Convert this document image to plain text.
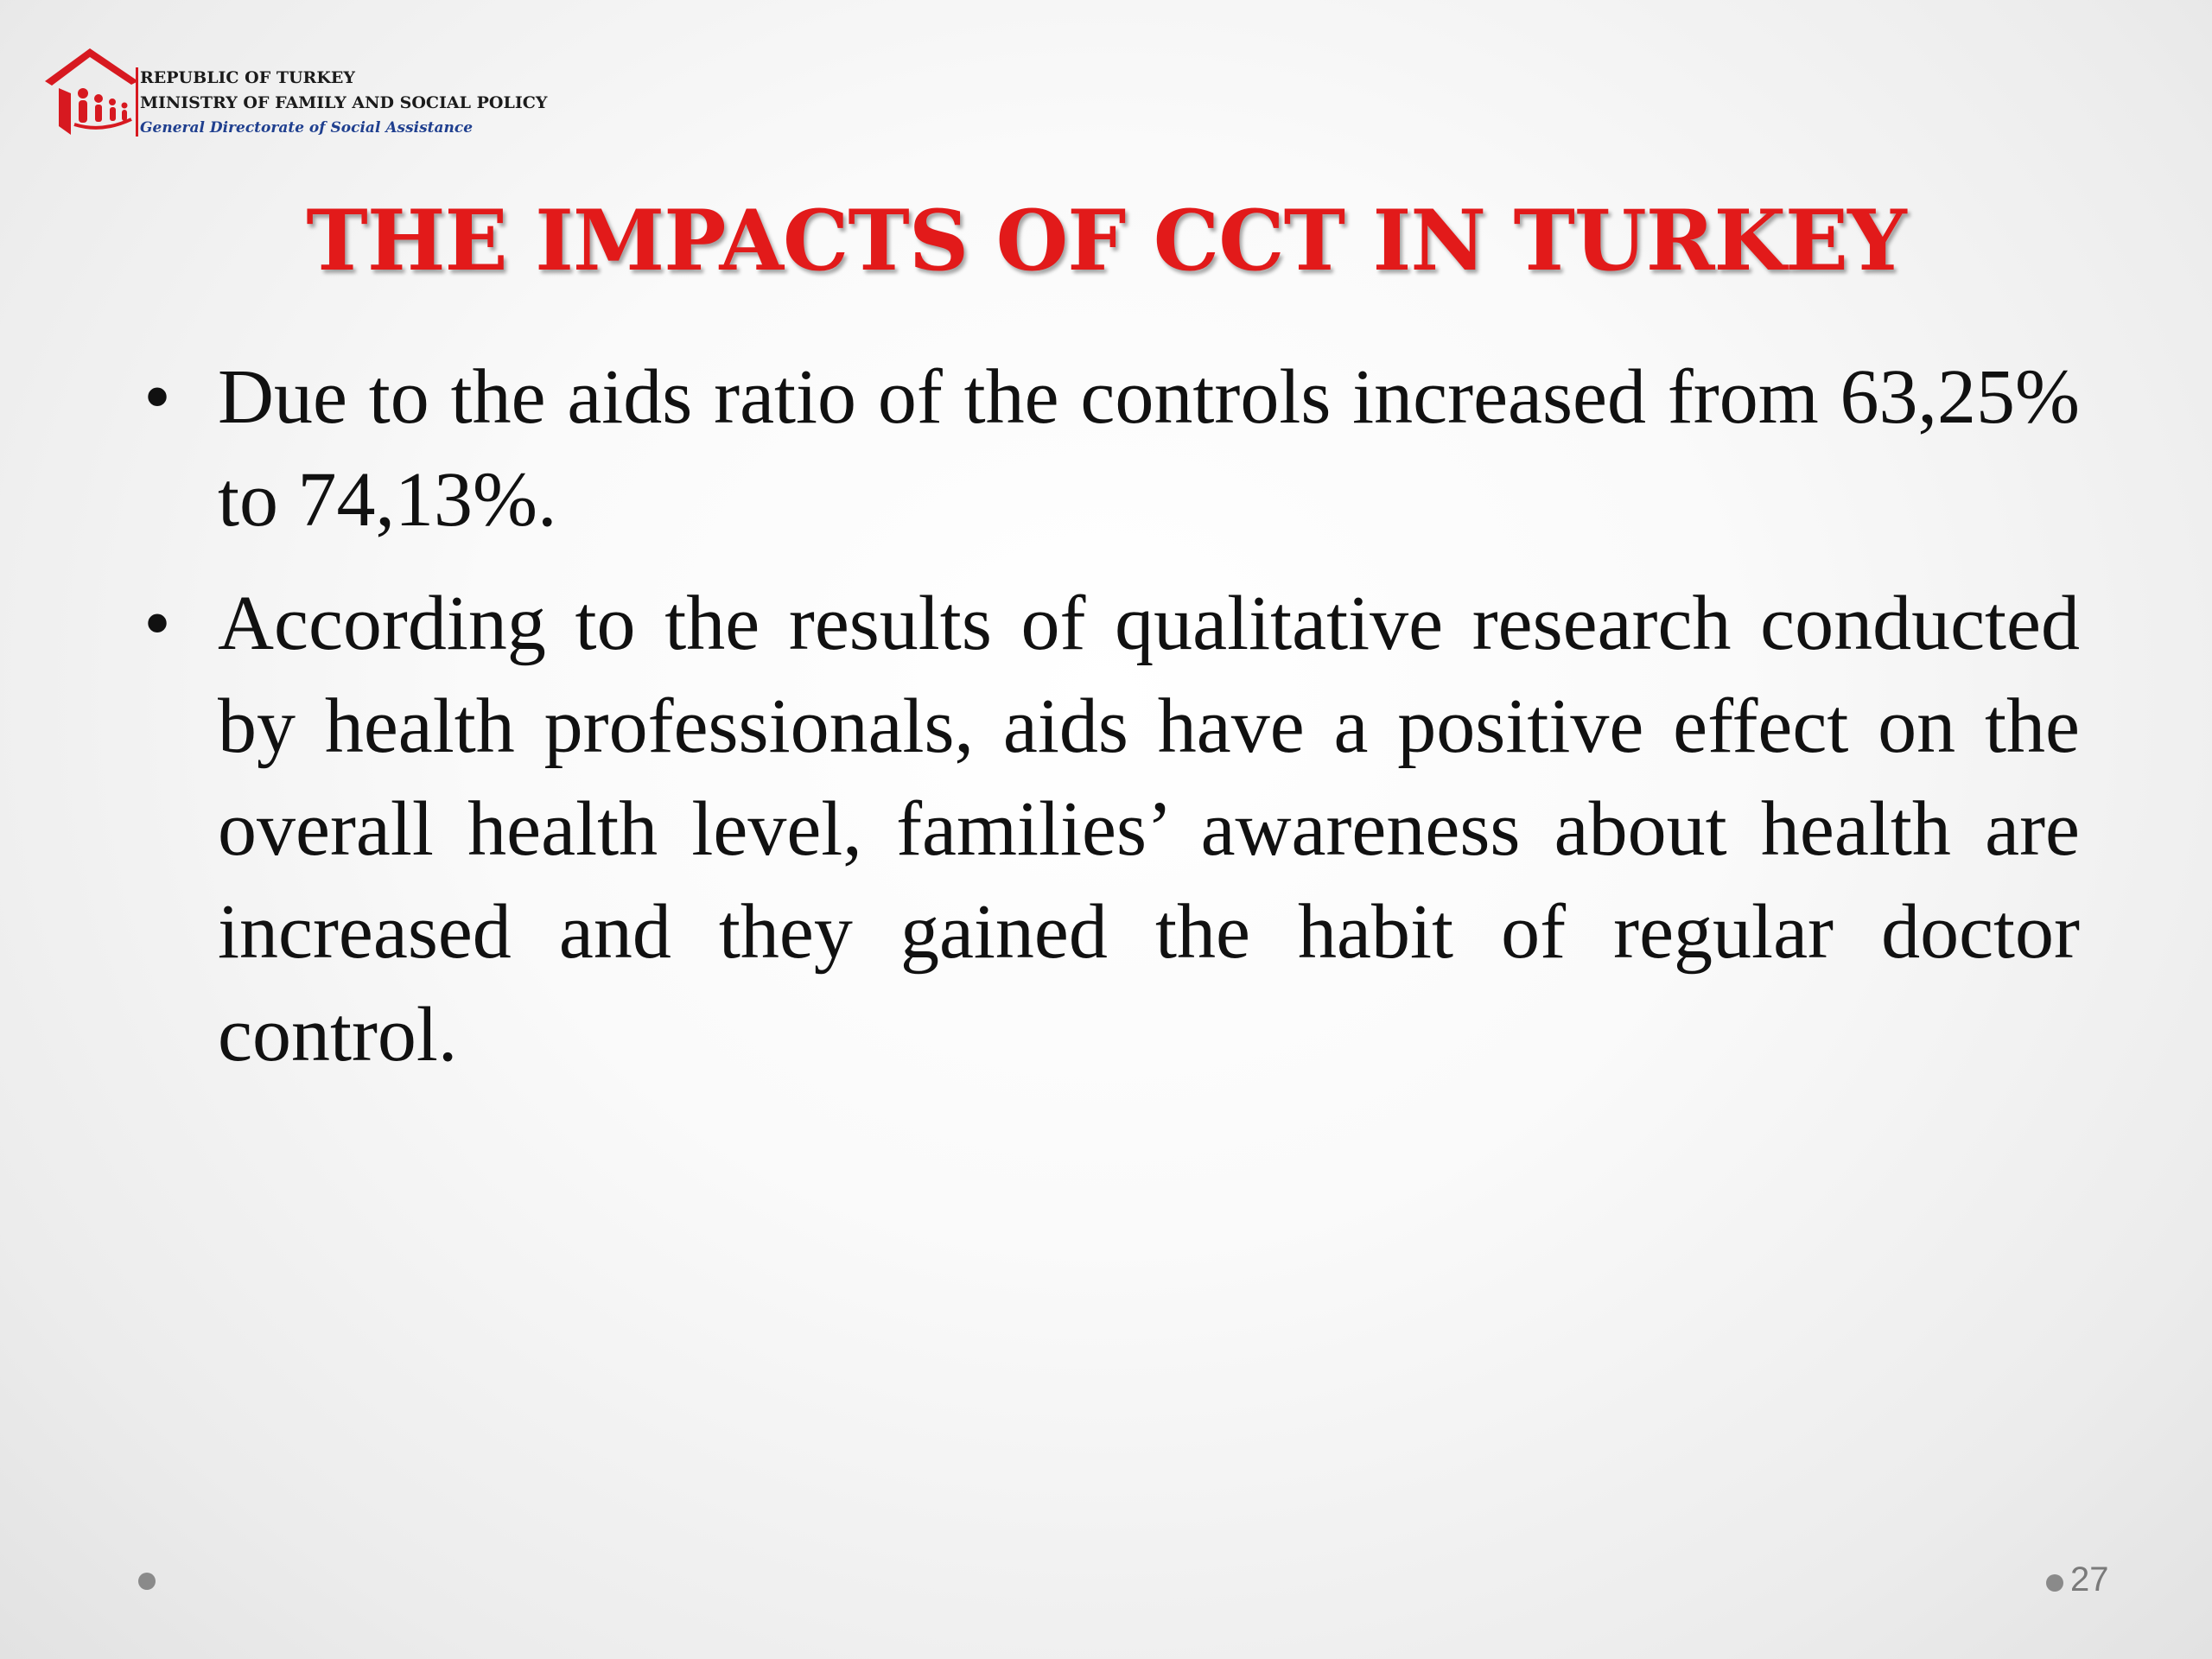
REPUBLIC OF TURKEY
MINISTRY OF FAMILY AND SOCIAL POLICY
General Directorate of Social Assistance
THE IMPACTS OF CCT IN TURKEY
• Due to the aids ratio of the controls increased from 63,25% to 74,13%.
• According to the results of qualitative research conducted by health professionals, aids have a positive effect on the overall health level, families’ awareness about health are increased and they gained the habit of regular doctor control.
27
